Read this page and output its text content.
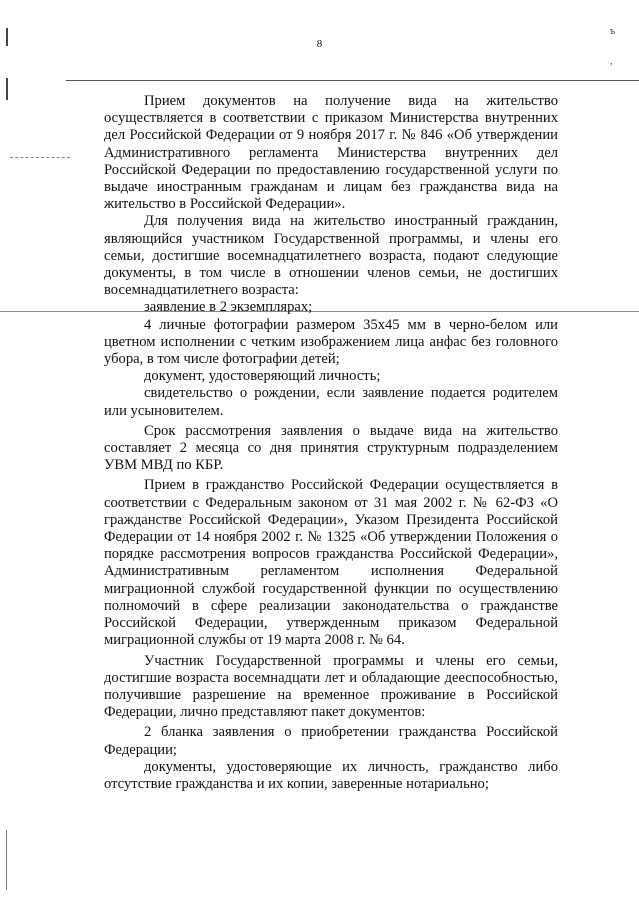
8
ъ
ʼ

Прием документов на получение вида на жительство осуществляется в соответствии с приказом Министерства внутренних дел Российской Федерации от 9 ноября 2017 г. № 846 «Об утверждении Административного регламента Министерства внутренних дел Российской Федерации по предоставлению государственной услуги по выдаче иностранным гражданам и лицам без гражданства вида на жительство в Российской Федерации».

Для получения вида на жительство иностранный гражданин, являющийся участником Государственной программы, и члены его семьи, достигшие восемнадцатилетнего возраста, подают следующие документы, в том числе в отношении членов семьи, не достигших восемнадцатилетнего возраста:

заявление в 2 экземплярах;

4 личные фотографии размером 35х45 мм в черно-белом или цветном исполнении с четким изображением лица анфас без головного убора, в том числе фотографии детей;

документ, удостоверяющий личность;

свидетельство о рождении, если заявление подается родителем или усыновителем.

Срок рассмотрения заявления о выдаче вида на жительство составляет 2 месяца со дня принятия структурным подразделением УВМ МВД по КБР.

Прием в гражданство Российской Федерации осуществляется в соответствии с Федеральным законом от 31 мая 2002 г. № 62-ФЗ «О гражданстве Российской Федерации», Указом Президента Российской Федерации от 14 ноября 2002 г. № 1325 «Об утверждении Положения о порядке рассмотрения вопросов гражданства Российской Федерации», Административным регламентом исполнения Федеральной миграционной службой государственной функции по осуществлению полномочий в сфере реализации законодательства о гражданстве Российской Федерации, утвержденным приказом Федеральной миграционной службы от 19 марта 2008 г. № 64.

Участник Государственной программы и члены его семьи, достигшие возраста восемнадцати лет и обладающие дееспособностью, получившие разрешение на временное проживание в Российской Федерации, лично представляют пакет документов:

2 бланка заявления о приобретении гражданства Российской Федерации;

документы, удостоверяющие их личность, гражданство либо отсутствие гражданства и их копии, заверенные нотариально;
